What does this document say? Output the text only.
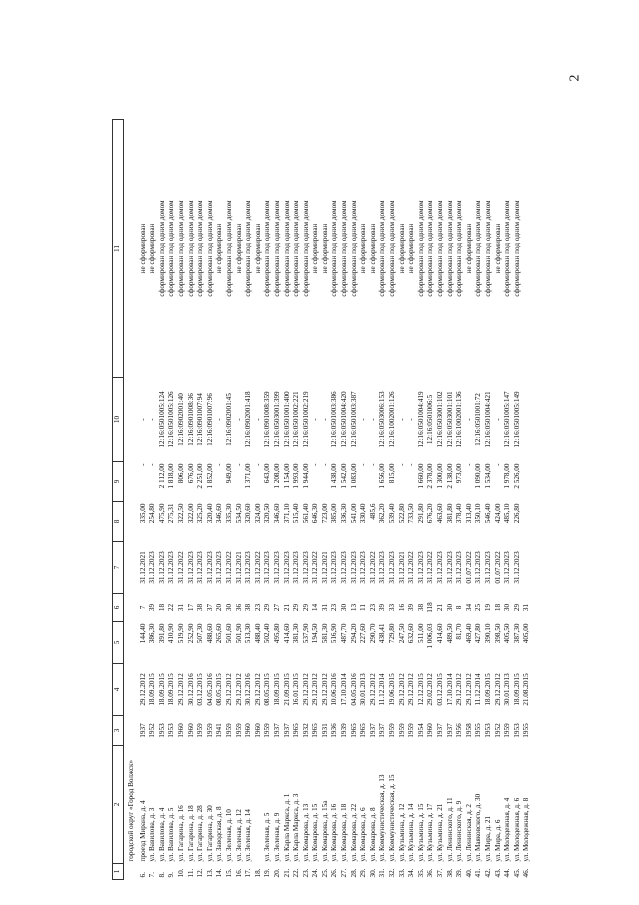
2
1	2	3	4	5	6	7	8	9	10	11
	городской округ «Город Волжск»									
6.	проезд Мирана, д. 4	1937	29.12.2012	144,40	7	31.12.2021	335,00	-	-	не сформирован
7.	ул. Вавилова, д. 3	1952	18.09.2015	386,30	39	31.12.2023	254,80	-	-	не сформирован
8.	ул. Вавилова, д. 4	1953	18.09.2015	391,80	18	31.12.2023	475,90	2 112,00	12:16:0501005:124	сформирован под одним домом
9.	ул. Вавилова, д. 5	1953	18.09.2015	410,90	22	31.12.2023	275,31	1 818,00	12:16:0501005:126	сформирован под одним домом
10.	ул. Гагарина, д. 16	1960	29.12.2012	519,90	31	31.12.2022	322,50	806,00	12:16:0902001:40	сформирован под одним домом
11.	ул. Гагарина, д. 18	1960	30.12.2016	252,90	17	31.12.2023	322,00	676,00	12:16:0901008:36	сформирован под одним домом
12.	ул. Гагарина, д. 28	1959	03.12.2015	507,30	38	31.12.2023	325,20	2 251,00	12:16:0901007:94	сформирован под одним домом
13.	ул. Гагарина, д. 30	1959	04.05.2016	488,60	37	31.12.2023	320,40	1 852,00	12:16:0901007:96	сформирован под одним домом
14.	ул. Заводская, д. 8	1941	08.05.2015	265,60	20	31.12.2023	346,60	-	-	не сформирован
15.	ул. Зеленая, д. 10	1959	29.12.2012	501,60	30	31.12.2022	335,30	949,00	12:16:0902001:45	сформирован под одним домом
16.	ул. Зеленая, д. 12	1959	29.12.2012	501,90	36	31.12.2021	534,50	-	-	не сформирован
17.	ул. Зеленая, д. 14	1960	30.12.2016	513,30	38	31.12.2023	320,60	1 371,00	12:16:0902001:418	сформирован под одним домом
18.		1960	29.12.2012	488,40	23	31.12.2022	324,00	-	-	не сформирован
19.	ул. Зеленая, д. 5	1959	08.05.2015	502,40	29	31.12.2023	320,50	643,00	12:16:0901008:359	сформирован под одним домом
20.	ул. Зеленая, д. 9	1937	18.09.2015	495,80	27	31.12.2023	346,60	1 208,00	12:16:0503001:399	сформирован под одним домом
21.	ул. Карла Маркса, д. 1	1937	21.09.2015	414,60	21	31.12.2023	371,10	1 154,00	12:16:0501001:400	сформирован под одним домом
22.	ул. Карла Маркса, д. 3	1965	16.01.2015	381,30	29	31.12.2023	515,40	1 993,00	12:16:0501002:221	сформирован под одним домом
23.	ул. Комарова, д. 13	1932	29.12.2012	537,90	29	31.12.2023	561,40	1 944,00	12:16:0501002:219	сформирован под одним домом
24.	ул. Комарова, д. 15	1965	29.12.2012	194,50	14	31.12.2022	646,30	-	-	не сформирован
25.	ул. Комарова, д. 15а	1931	29.12.2012	581,30	31	31.12.2021	723,00	-	-	не сформирован
26.	ул. Комарова, д. 16	1936	10.06.2016	516,90	23	31.12.2023	385,00	1 438,00	12:16:0501003:386	сформирован под одним домом
27.	ул. Комарова, д. 18	1939	17.10.2014	487,70	30	31.12.2023	336,30	1 542,00	12:16:0501004:420	сформирован под одним домом
28.	ул. Комарова, д. 22	1965	04.05.2016	294,20	13	31.12.2023	541,00	1 083,00	12:16:0501003:387	сформирован под одним домом
29.	ул. Комарова, д. 6	1965	30.01.2013	227,60	11	31.12.2023	330,40	-	-	не сформирован
30.	ул. Комарова, д. 8	1937	29.12.2012	290,70	23	31.12.2022	485,6	-	-	не сформирован
31.	ул. Коммунистическая, д. 13	1937	11.12.2014	438,41	39	31.12.2023	362,20	1 656,00	12:16:0503006:153	сформирован под одним домом
32.	ул. Коммунистическая, д. 15	1959	19.06.2015	729,80	33	31.12.2023	539,40	815,00	12:16:1002001:126	сформирован под одним домом
33.	ул. Кузьмина, д. 12	1959	29.12.2012	247,50	16	31.12.2021	522,80	-	-	не сформирован
34.	ул. Кузьмина, д. 14	1959	29.12.2012	632,60	39	31.12.2022	733,50	-	-	не сформирован
35.	ул. Кузьмина, д. 15	1954	12.12.2015	511,00	38	31.12.2023	291,80	1 660,00	12:16:0501004:419	сформирован под одним домом
36.	ул. Кузьмина, д. 17	1960	29.02.2012	1 006,03	118	31.12.2022	676,20	2 378,00	12:16:0501006:5	сформирован под одним домом
37.	ул. Кузьмина, д. 21	1937	03.12.2015	414,60	21	31.12.2023	463,60	1 300,00	12:16:0503001:102	сформирован под одним домом
38.	ул. Ленинского, д. 11	1937	17.10.2014	489,50	30	31.12.2023	381,80	2 138,00	12:16:0503001:101	сформирован под одним домом
39.	ул. Ленинского, д. 9	1956	29.12.2012	81,70	8	31.12.2023	378,40	973,00	12:16:1002001:136	сформирован под одним домом
40.	ул. Ленинская, д. 2	1958	29.12.2012	469,40	34	01.07.2022	313,40	-	-	не сформирован
41.	ул. Маяковского, д. 30	1955	11.12.2014	427,80	25	31.12.2023	350,10	1 090,00	12:16:0501001:72	сформирован под одним домом
42.	ул. Мира, д. 21	1953	18.09.2015	390,10	19	31.12.2023	546,40	1 534,00	12:16:0501004:421	сформирован под одним домом
43.	ул. Мира, д. 6	1952	29.12.2012	398,50	18	01.07.2022	424,00	-	-	не сформирован
44.	ул. Молодежная, д. 4	1959	30.01.2013	405,50	30	31.12.2023	485,10	1 978,00	12:16:0501005:147	сформирован под одним домом
45.	ул. Молодежная, д. 6	1953	18.09.2015	387,30	29	31.12.2023	226,80	2 526,00	12:16:0501005:149	сформирован под одним домом
46.	ул. Молодежная, д. 8	1955	21.08.2015	405,00	31					
